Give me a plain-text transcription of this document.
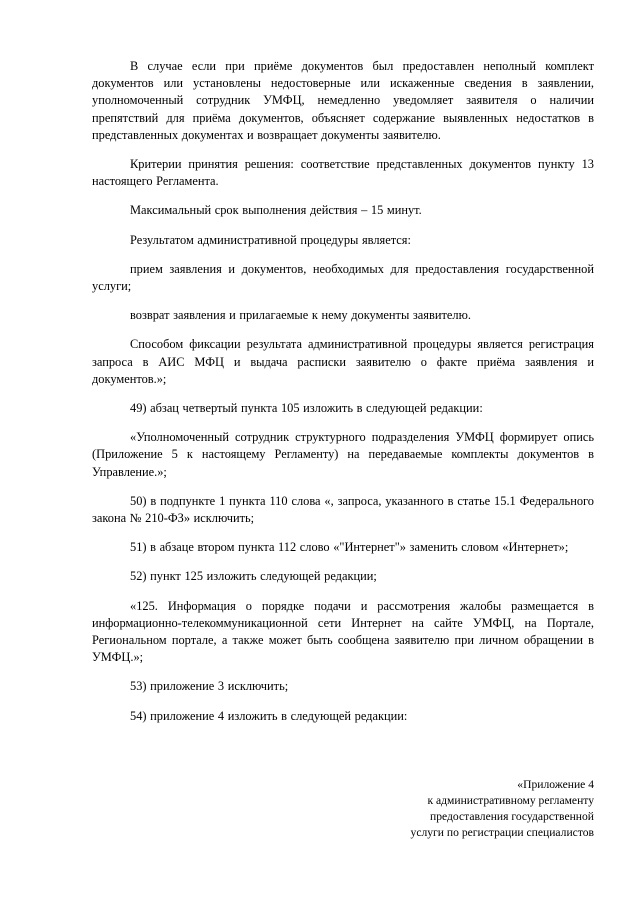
В случае если при приёме документов был предоставлен неполный комплект документов или установлены недостоверные или искаженные сведения в заявлении, уполномоченный сотрудник УМФЦ, немедленно уведомляет заявителя о наличии препятствий для приёма документов, объясняет содержание выявленных недостатков в представленных документах и возвращает документы заявителю.

Критерии принятия решения: соответствие представленных документов пункту 13 настоящего Регламента.

Максимальный срок выполнения действия – 15 минут.

Результатом административной процедуры является:

прием заявления и документов, необходимых для предоставления государственной услуги;

возврат заявления и прилагаемые к нему документы заявителю.

Способом фиксации результата административной процедуры является регистрация запроса в АИС МФЦ и выдача расписки заявителю о факте приёма заявления и документов.»;

49) абзац четвертый пункта 105 изложить в следующей редакции:

«Уполномоченный сотрудник структурного подразделения УМФЦ формирует опись (Приложение 5 к настоящему Регламенту) на передаваемые комплекты документов в Управление.»;

50) в подпункте 1 пункта 110 слова «, запроса, указанного в статье 15.1 Федерального закона № 210-ФЗ» исключить;

51) в абзаце втором пункта 112 слово «"Интернет"» заменить словом «Интернет»;

52) пункт 125 изложить следующей редакции;

«125. Информация о порядке подачи и рассмотрения жалобы размещается в информационно-телекоммуникационной сети Интернет на сайте УМФЦ, на Портале, Региональном портале, а также может быть сообщена заявителю при личном обращении в УМФЦ.»;

53) приложение 3 исключить;

54) приложение 4 изложить в следующей редакции:

«Приложение 4
к административному регламенту
предоставления государственной
услуги по регистрации специалистов
